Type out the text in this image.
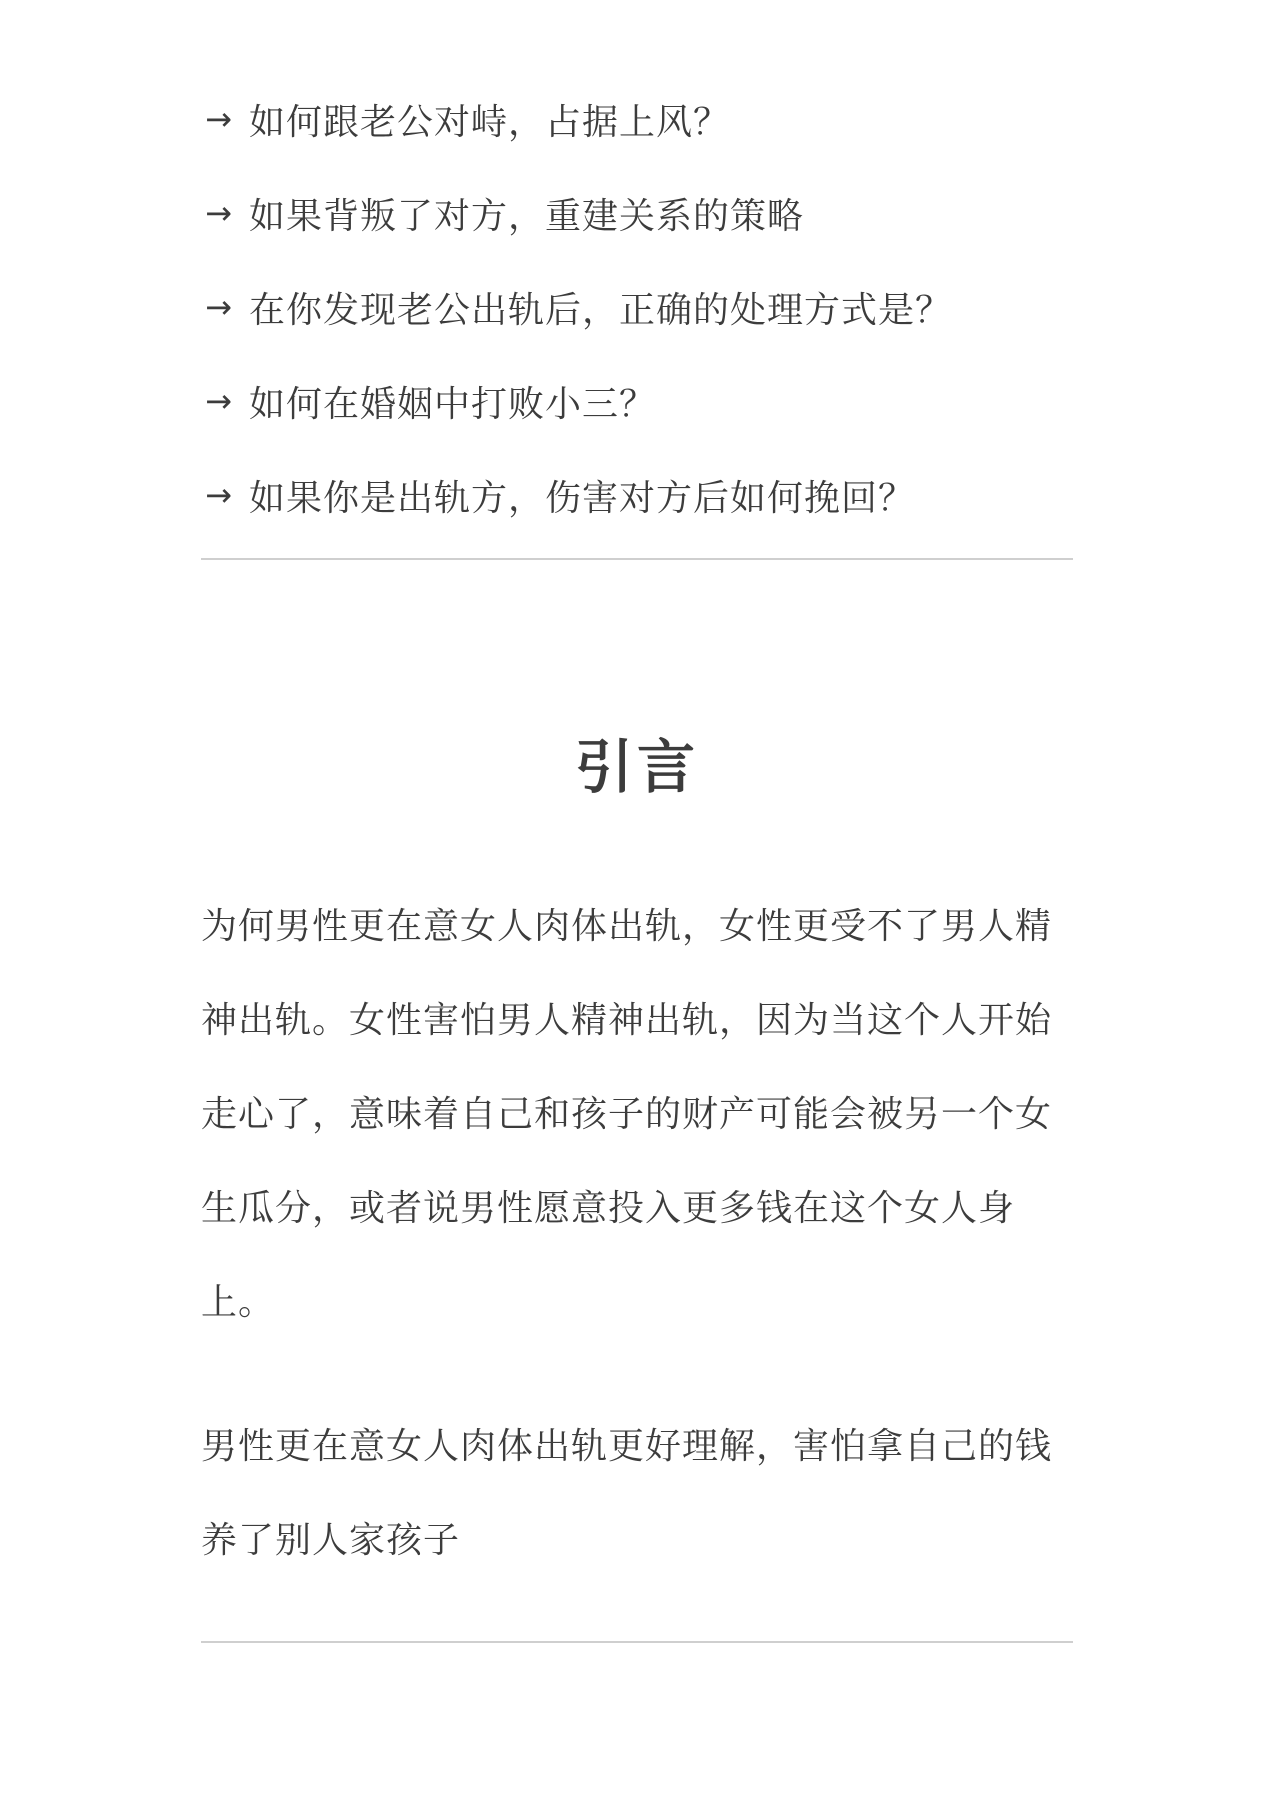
→ 如何跟老公对峙，占据上风？
→ 如果背叛了对方，重建关系的策略
→ 在你发现老公出轨后，正确的处理方式是？
→ 如何在婚姻中打败小三？
→ 如果你是出轨方，伤害对方后如何挽回？
引言

为何男性更在意女人肉体出轨，女性更受不了男人精神出轨。女性害怕男人精神出轨，因为当这个人开始走心了，意味着自己和孩子的财产可能会被另一个女生瓜分，或者说男性愿意投入更多钱在这个女人身上。

男性更在意女人肉体出轨更好理解，害怕拿自己的钱养了别人家孩子
